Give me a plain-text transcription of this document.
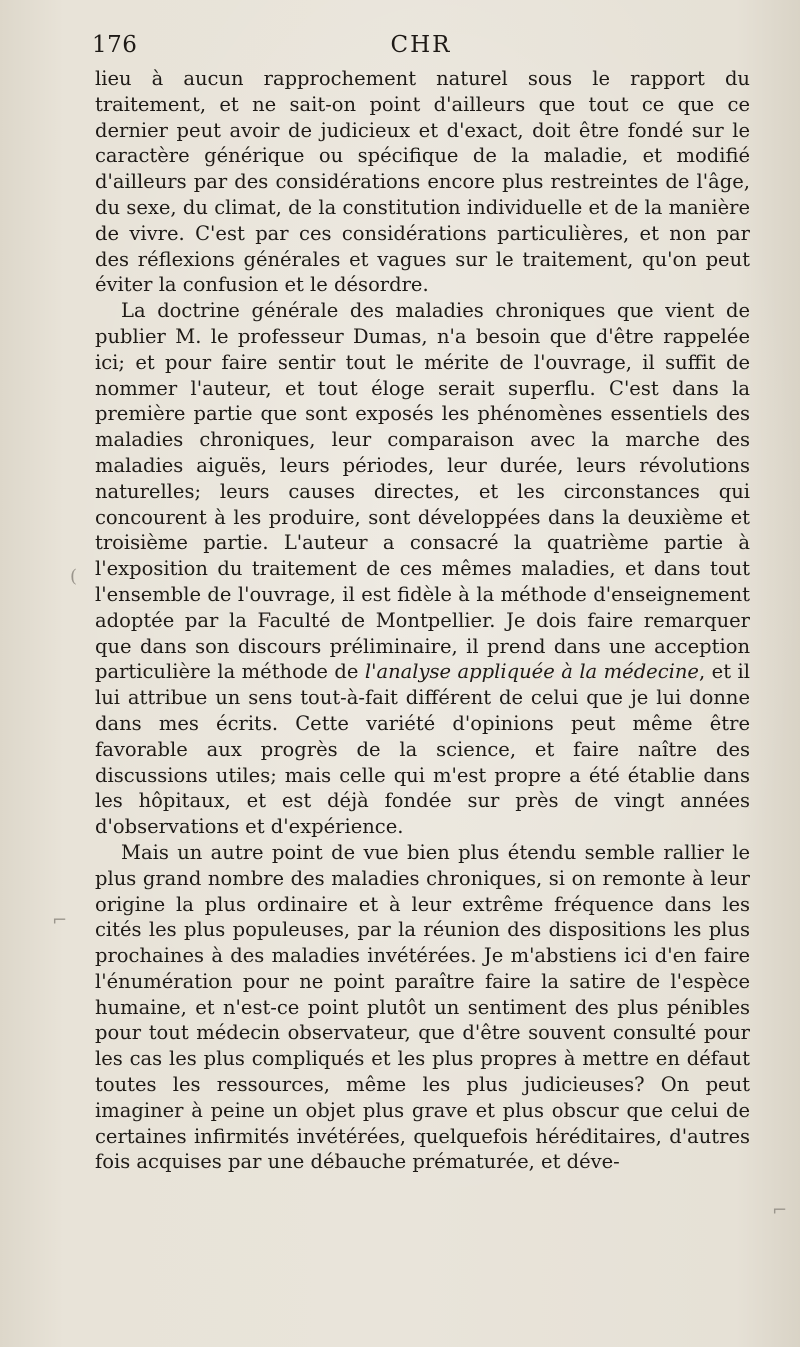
176	CHR

lieu à aucun rapprochement naturel sous le rapport du traitement, et ne sait-on point d'ailleurs que tout ce que ce dernier peut avoir de judicieux et d'exact, doit être fondé sur le caractère générique ou spécifique de la maladie, et modifié d'ailleurs par des considérations encore plus restreintes de l'âge, du sexe, du climat, de la constitution individuelle et de la manière de vivre. C'est par ces considérations particulières, et non par des réflexions générales et vagues sur le traitement, qu'on peut éviter la confusion et le désordre.

La doctrine générale des maladies chroniques que vient de publier M. le professeur Dumas, n'a besoin que d'être rappelée ici; et pour faire sentir tout le mérite de l'ouvrage, il suffit de nommer l'auteur, et tout éloge serait superflu. C'est dans la première partie que sont exposés les phénomènes essentiels des maladies chroniques, leur comparaison avec la marche des maladies aiguës, leurs périodes, leur durée, leurs révolutions naturelles; leurs causes directes, et les circonstances qui concourent à les produire, sont développées dans la deuxième et troisième partie. L'auteur a consacré la quatrième partie à l'exposition du traitement de ces mêmes maladies, et dans tout l'ensemble de l'ouvrage, il est fidèle à la méthode d'enseignement adoptée par la Faculté de Montpellier. Je dois faire remarquer que dans son discours préliminaire, il prend dans une acception particulière la méthode de l'analyse appliquée à la médecine, et il lui attribue un sens tout-à-fait différent de celui que je lui donne dans mes écrits. Cette variété d'opinions peut même être favorable aux progrès de la science, et faire naître des discussions utiles; mais celle qui m'est propre a été établie dans les hôpitaux, et est déjà fondée sur près de vingt années d'observations et d'expérience.

Mais un autre point de vue bien plus étendu semble rallier le plus grand nombre des maladies chroniques, si on remonte à leur origine la plus ordinaire et à leur extrême fréquence dans les cités les plus populeuses, par la réunion des dispositions les plus prochaines à des maladies invétérées. Je m'abstiens ici d'en faire l'énumération pour ne point paraître faire la satire de l'espèce humaine, et n'est-ce point plutôt un sentiment des plus pénibles pour tout médecin observateur, que d'être souvent consulté pour les cas les plus compliqués et les plus propres à mettre en défaut toutes les ressources, même les plus judicieuses? On peut imaginer à peine un objet plus grave et plus obscur que celui de certaines infirmités invétérées, quelquefois héréditaires, d'autres fois acquises par une débauche prématurée, et déve-

(
⌐
⌐
